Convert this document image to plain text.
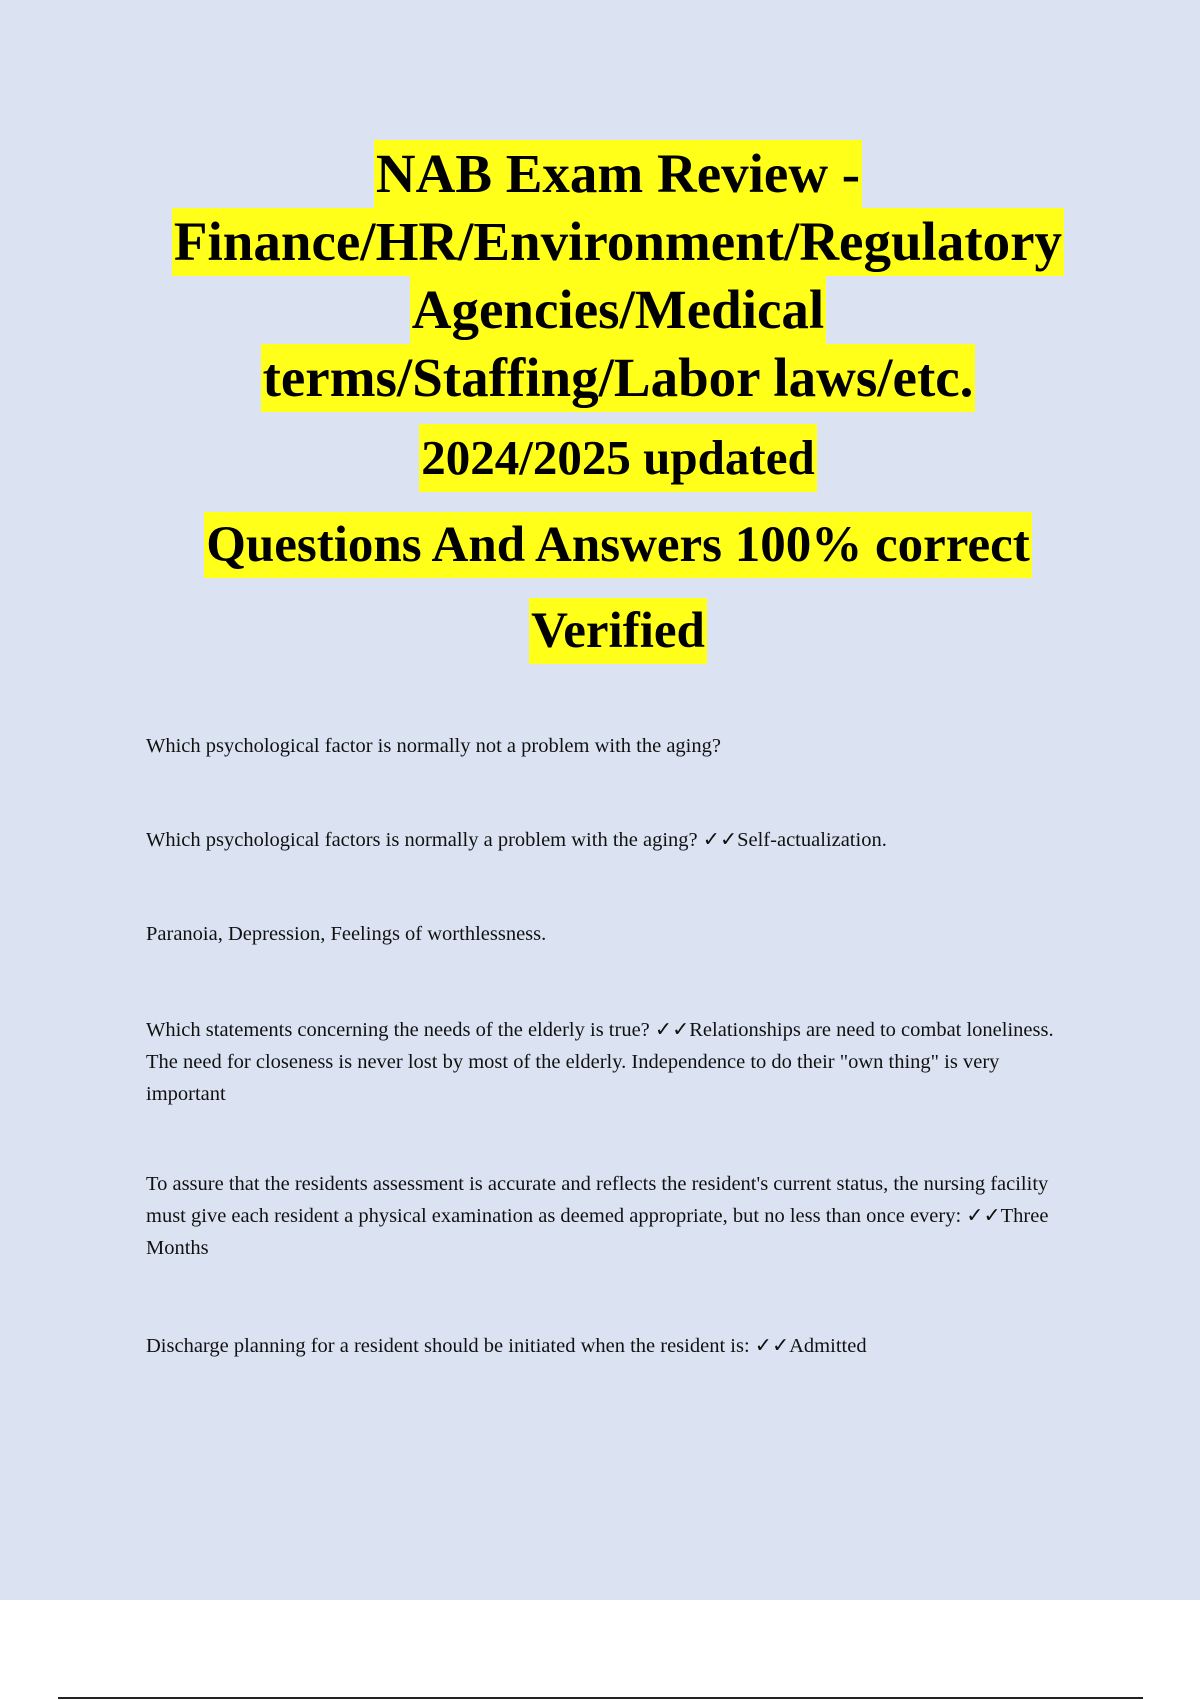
NAB Exam Review -
Finance/HR/Environment/Regulatory
Agencies/Medical
terms/Staffing/Labor laws/etc.
2024/2025 updated
Questions And Answers 100% correct
Verified

Which psychological factor is normally not a problem with the aging?

Which psychological factors is normally a problem with the aging? ✓✓Self-actualization.

Paranoia, Depression, Feelings of worthlessness.

Which statements concerning the needs of the elderly is true? ✓✓Relationships are need to combat loneliness. The need for closeness is never lost by most of the elderly. Independence to do their "own thing" is very important

To assure that the residents assessment is accurate and reflects the resident's current status, the nursing facility must give each resident a physical examination as deemed appropriate, but no less than once every: ✓✓Three Months

Discharge planning for a resident should be initiated when the resident is: ✓✓Admitted
